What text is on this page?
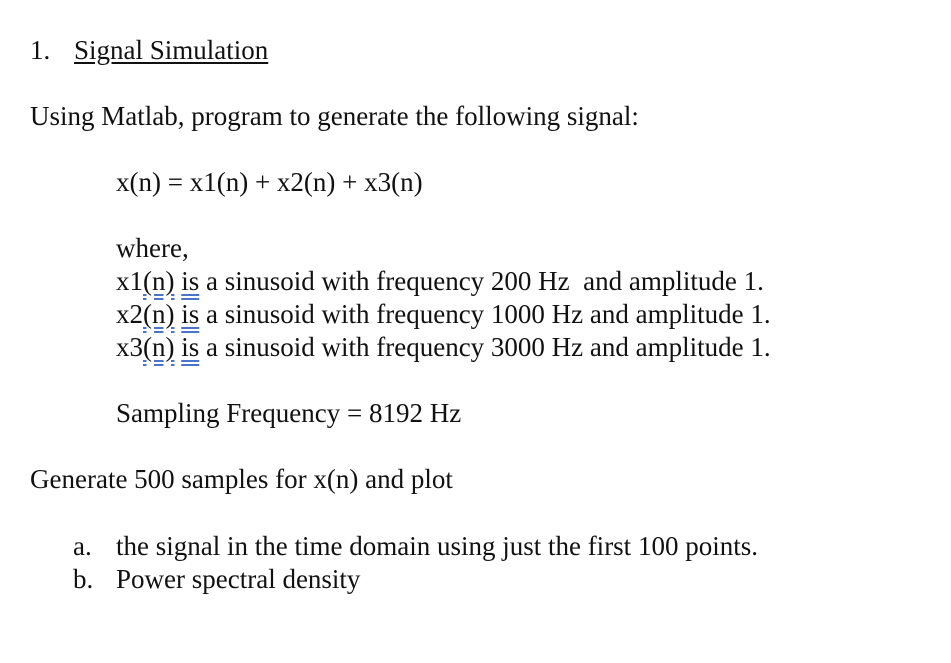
1. Signal Simulation
Using Matlab, program to generate the following signal:
x(n) = x1(n) + x2(n) + x3(n)
where,
x1(n) is a sinusoid with frequency 200 Hz  and amplitude 1.
x2(n) is a sinusoid with frequency 1000 Hz and amplitude 1.
x3(n) is a sinusoid with frequency 3000 Hz and amplitude 1.
Sampling Frequency = 8192 Hz
Generate 500 samples for x(n) and plot
a. the signal in the time domain using just the first 100 points.
b. Power spectral density
